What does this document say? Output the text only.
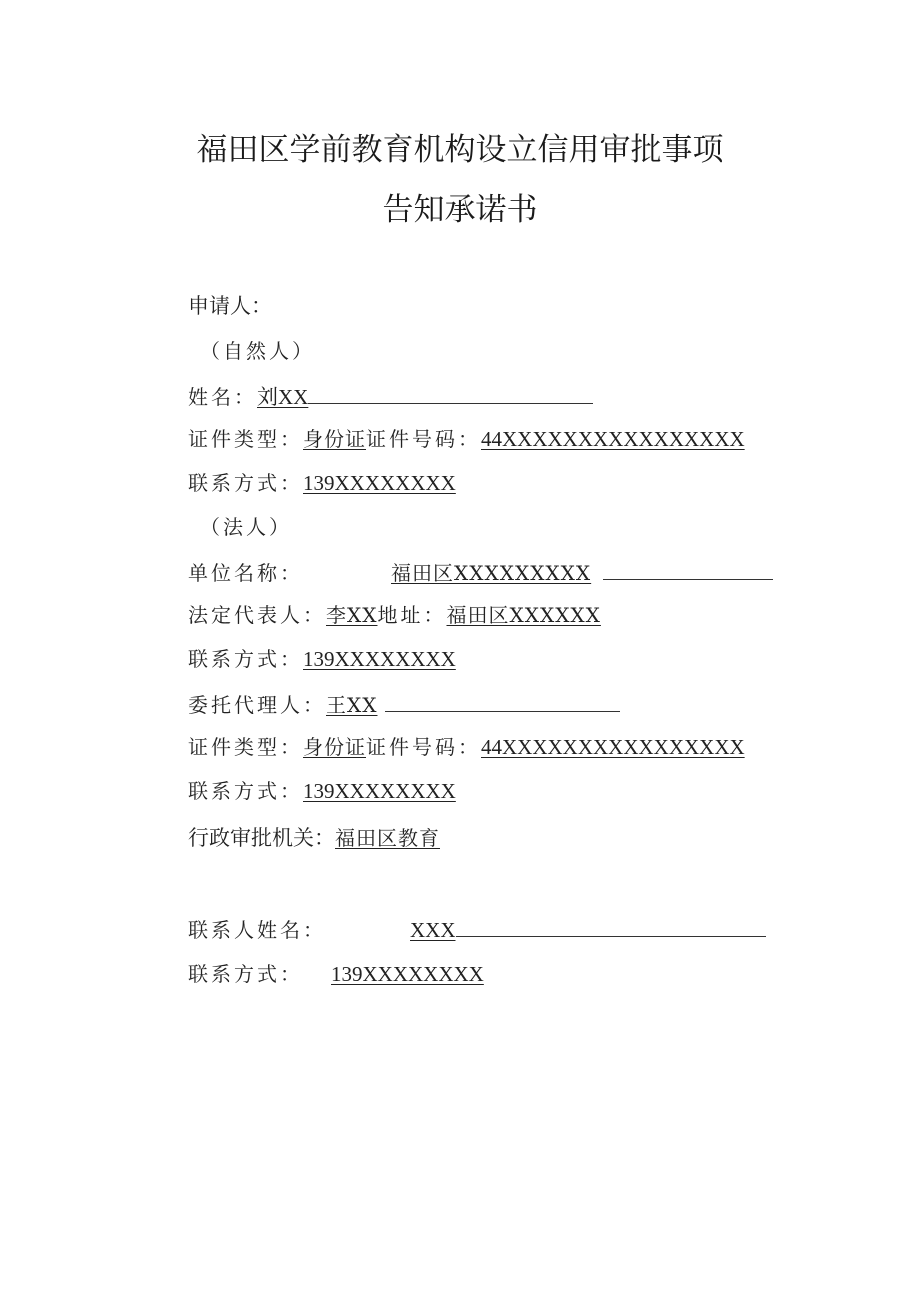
福田区学前教育机构设立信用审批事项
告知承诺书
申请人：
（自然人）
姓名：刘XX
证件类型：身份证证件号码：44XXXXXXXXXXXXXXXX
联系方式：139XXXXXXXX
（法人）
单位名称：	福田区XXXXXXXXX
法定代表人：李XX地址：福田区XXXXXX
联系方式：139XXXXXXXX
委托代理人：王XX
证件类型：身份证证件号码：44XXXXXXXXXXXXXXXX
联系方式：139XXXXXXXX
行政审批机关：福田区教育
联系人姓名：	XXX
联系方式： 139XXXXXXXX
